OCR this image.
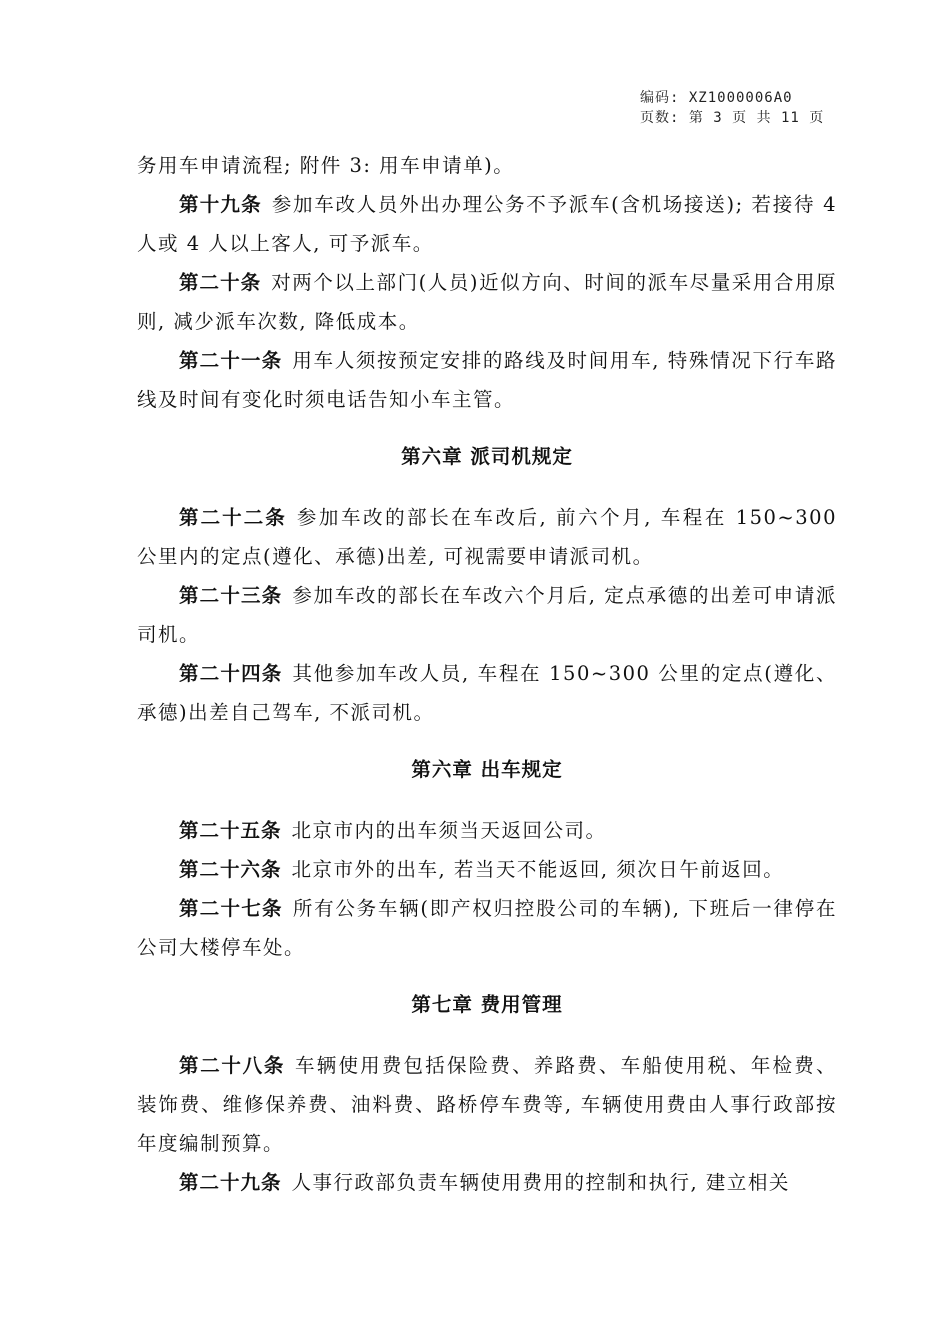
编码: XZ1000006A0
页数: 第 3 页 共 11 页

务用车申请流程; 附件 3: 用车申请单)。

第十九条 参加车改人员外出办理公务不予派车(含机场接送); 若接待 4 人或 4 人以上客人, 可予派车。

第二十条 对两个以上部门(人员)近似方向、时间的派车尽量采用合用原则, 减少派车次数, 降低成本。

第二十一条 用车人须按预定安排的路线及时间用车, 特殊情况下行车路线及时间有变化时须电话告知小车主管。

第六章 派司机规定

第二十二条 参加车改的部长在车改后, 前六个月, 车程在 150~300 公里内的定点(遵化、承德)出差, 可视需要申请派司机。

第二十三条 参加车改的部长在车改六个月后, 定点承德的出差可申请派司机。

第二十四条 其他参加车改人员, 车程在 150~300 公里的定点(遵化、承德)出差自己驾车, 不派司机。

第六章 出车规定

第二十五条 北京市内的出车须当天返回公司。

第二十六条 北京市外的出车, 若当天不能返回, 须次日午前返回。

第二十七条 所有公务车辆(即产权归控股公司的车辆), 下班后一律停在公司大楼停车处。

第七章 费用管理

第二十八条 车辆使用费包括保险费、养路费、车船使用税、年检费、装饰费、维修保养费、油料费、路桥停车费等, 车辆使用费由人事行政部按年度编制预算。

第二十九条 人事行政部负责车辆使用费用的控制和执行, 建立相关
